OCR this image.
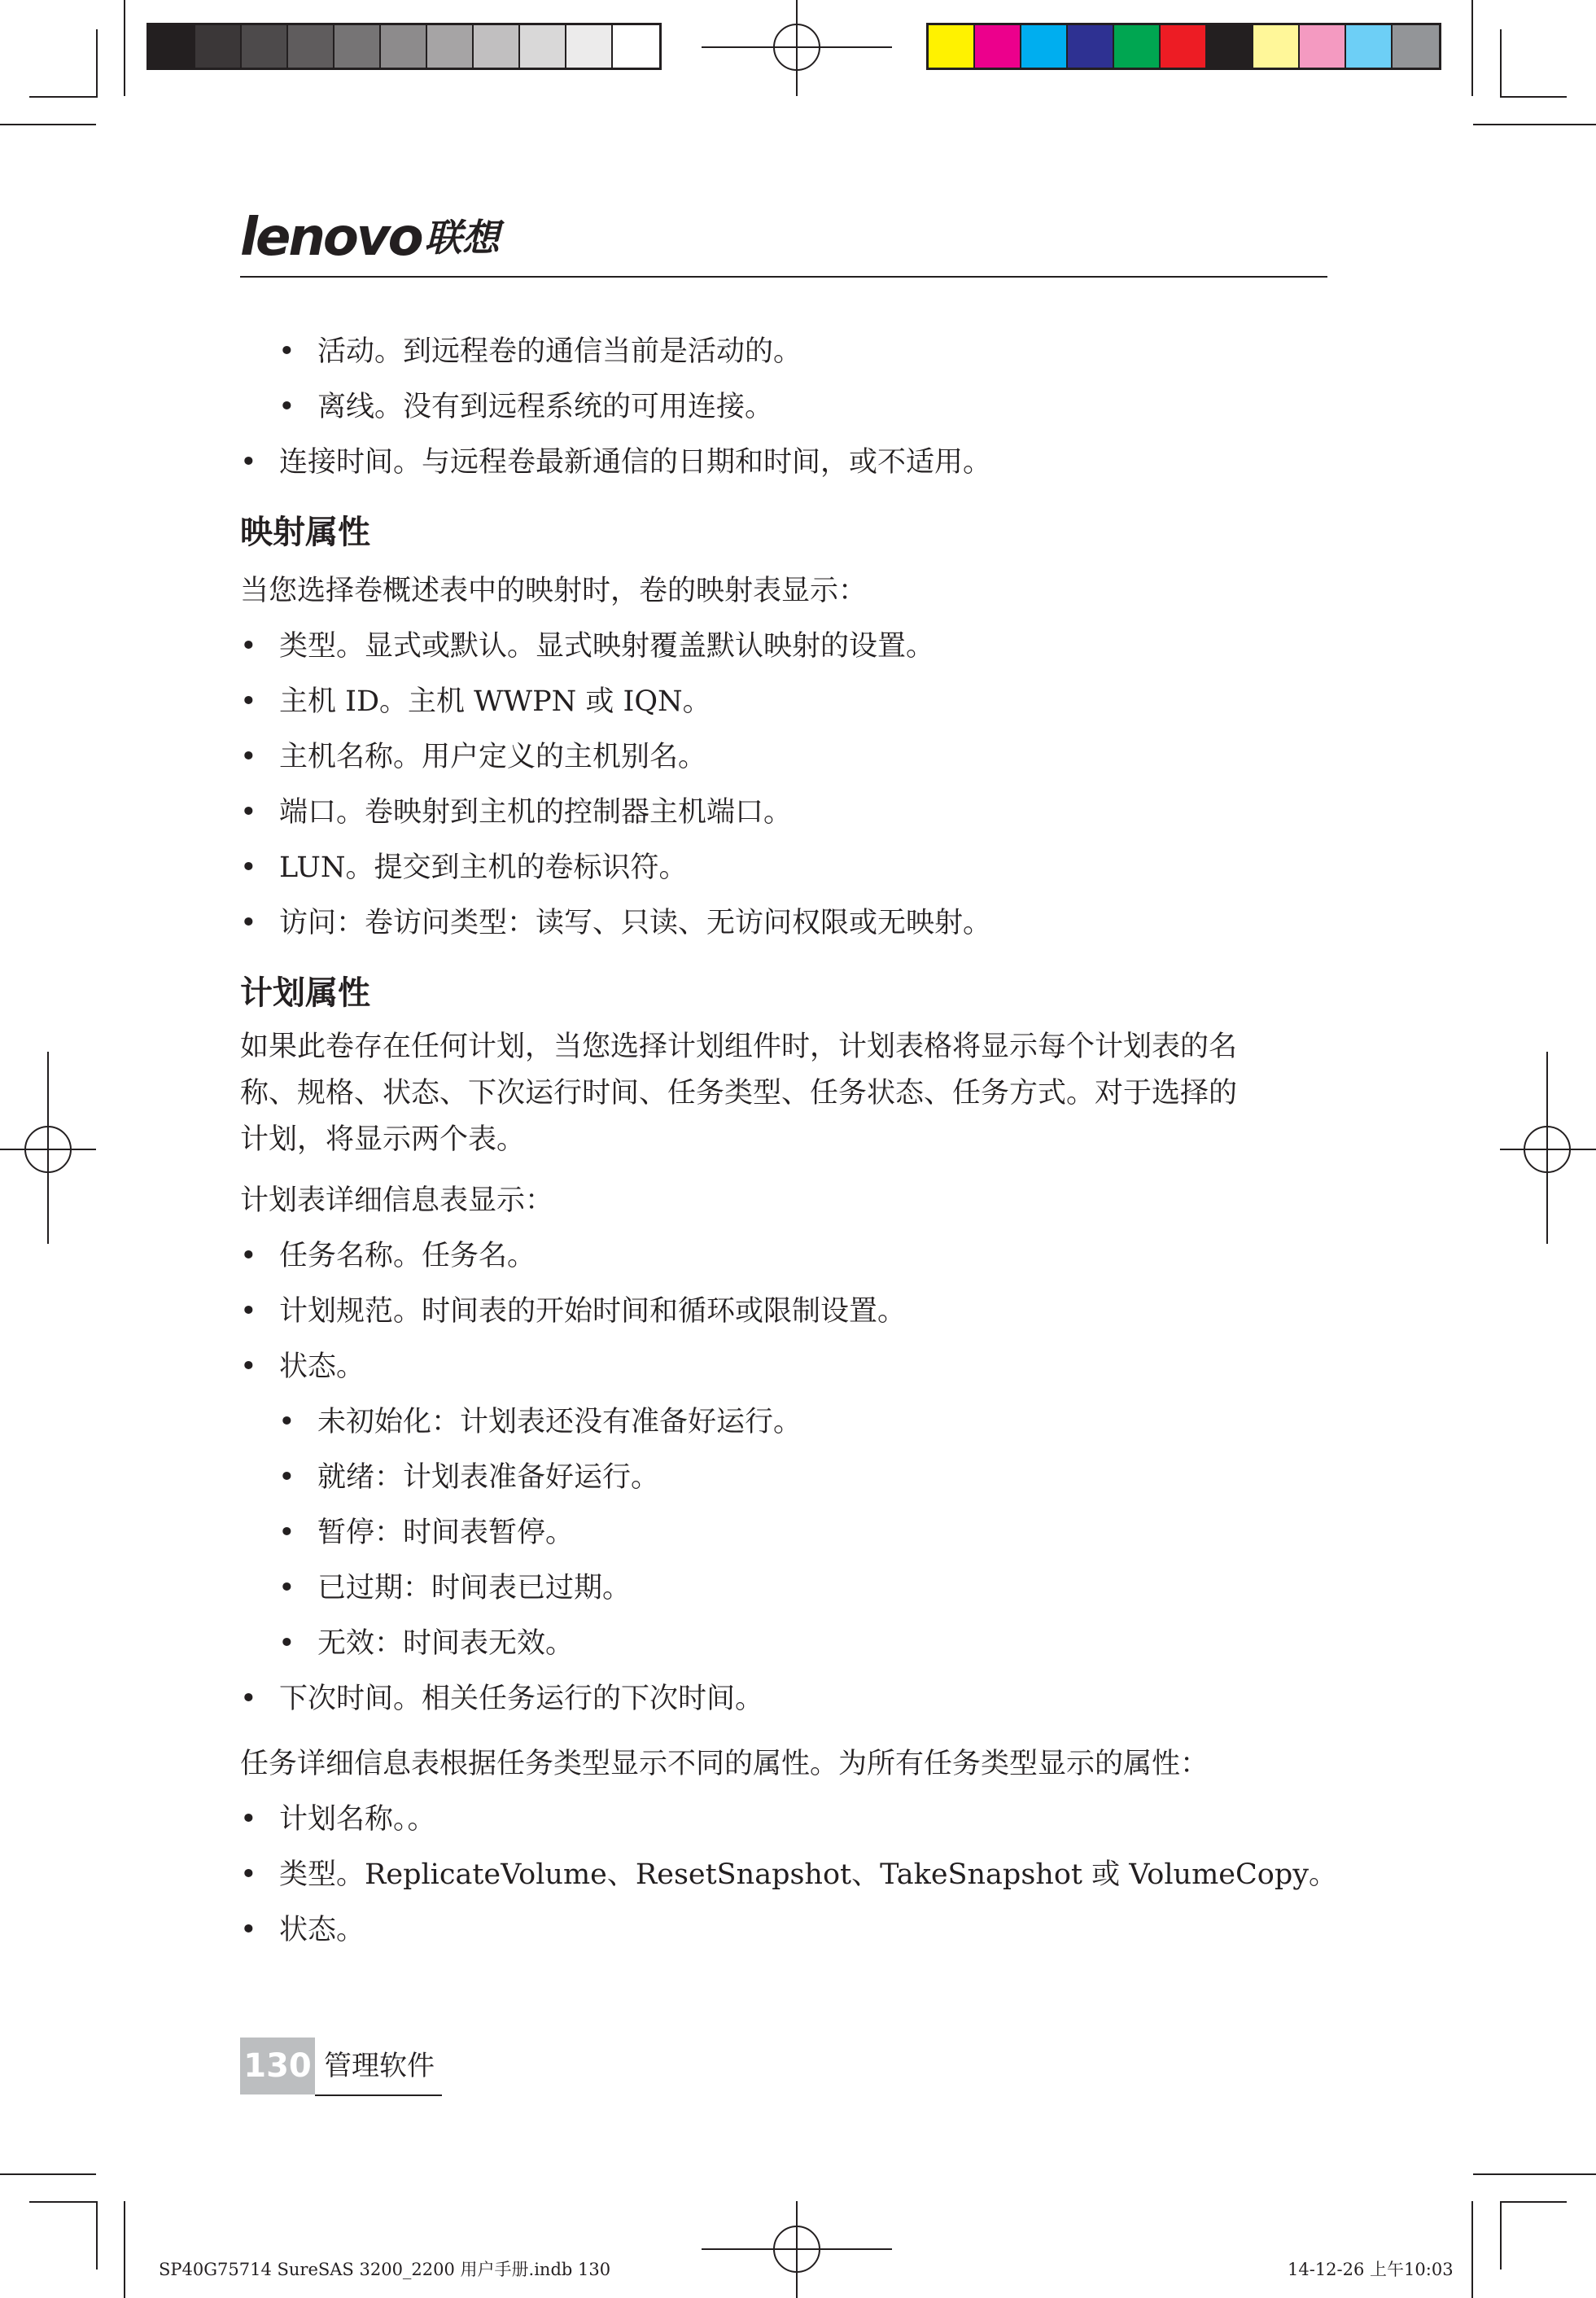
lenovo 联想
• 活动。到远程卷的通信当前是活动的。
• 离线。没有到远程系统的可用连接。
• 连接时间。与远程卷最新通信的日期和时间，或不适用。
映射属性
当您选择卷概述表中的映射时，卷的映射表显示：
• 类型。显式或默认。显式映射覆盖默认映射的设置。
• 主机 ID。主机 WWPN 或 IQN。
• 主机名称。用户定义的主机别名。
• 端口。卷映射到主机的控制器主机端口。
• LUN。提交到主机的卷标识符。
• 访问：卷访问类型：读写、只读、无访问权限或无映射。
计划属性
如果此卷存在任何计划，当您选择计划组件时，计划表格将显示每个计划表的名
称、规格、状态、下次运行时间、任务类型、任务状态、任务方式。对于选择的
计划，将显示两个表。
计划表详细信息表显示：
• 任务名称。任务名。
• 计划规范。时间表的开始时间和循环或限制设置。
• 状态。
• 未初始化：计划表还没有准备好运行。
• 就绪：计划表准备好运行。
• 暂停：时间表暂停。
• 已过期：时间表已过期。
• 无效：时间表无效。
• 下次时间。相关任务运行的下次时间。
任务详细信息表根据任务类型显示不同的属性。为所有任务类型显示的属性：
• 计划名称。。
• 类型。ReplicateVolume、ResetSnapshot、TakeSnapshot 或 VolumeCopy。
• 状态。
130 管理软件
SP40G75714 SureSAS 3200_2200 用户手册.indb 130	14-12-26 上午10:03
